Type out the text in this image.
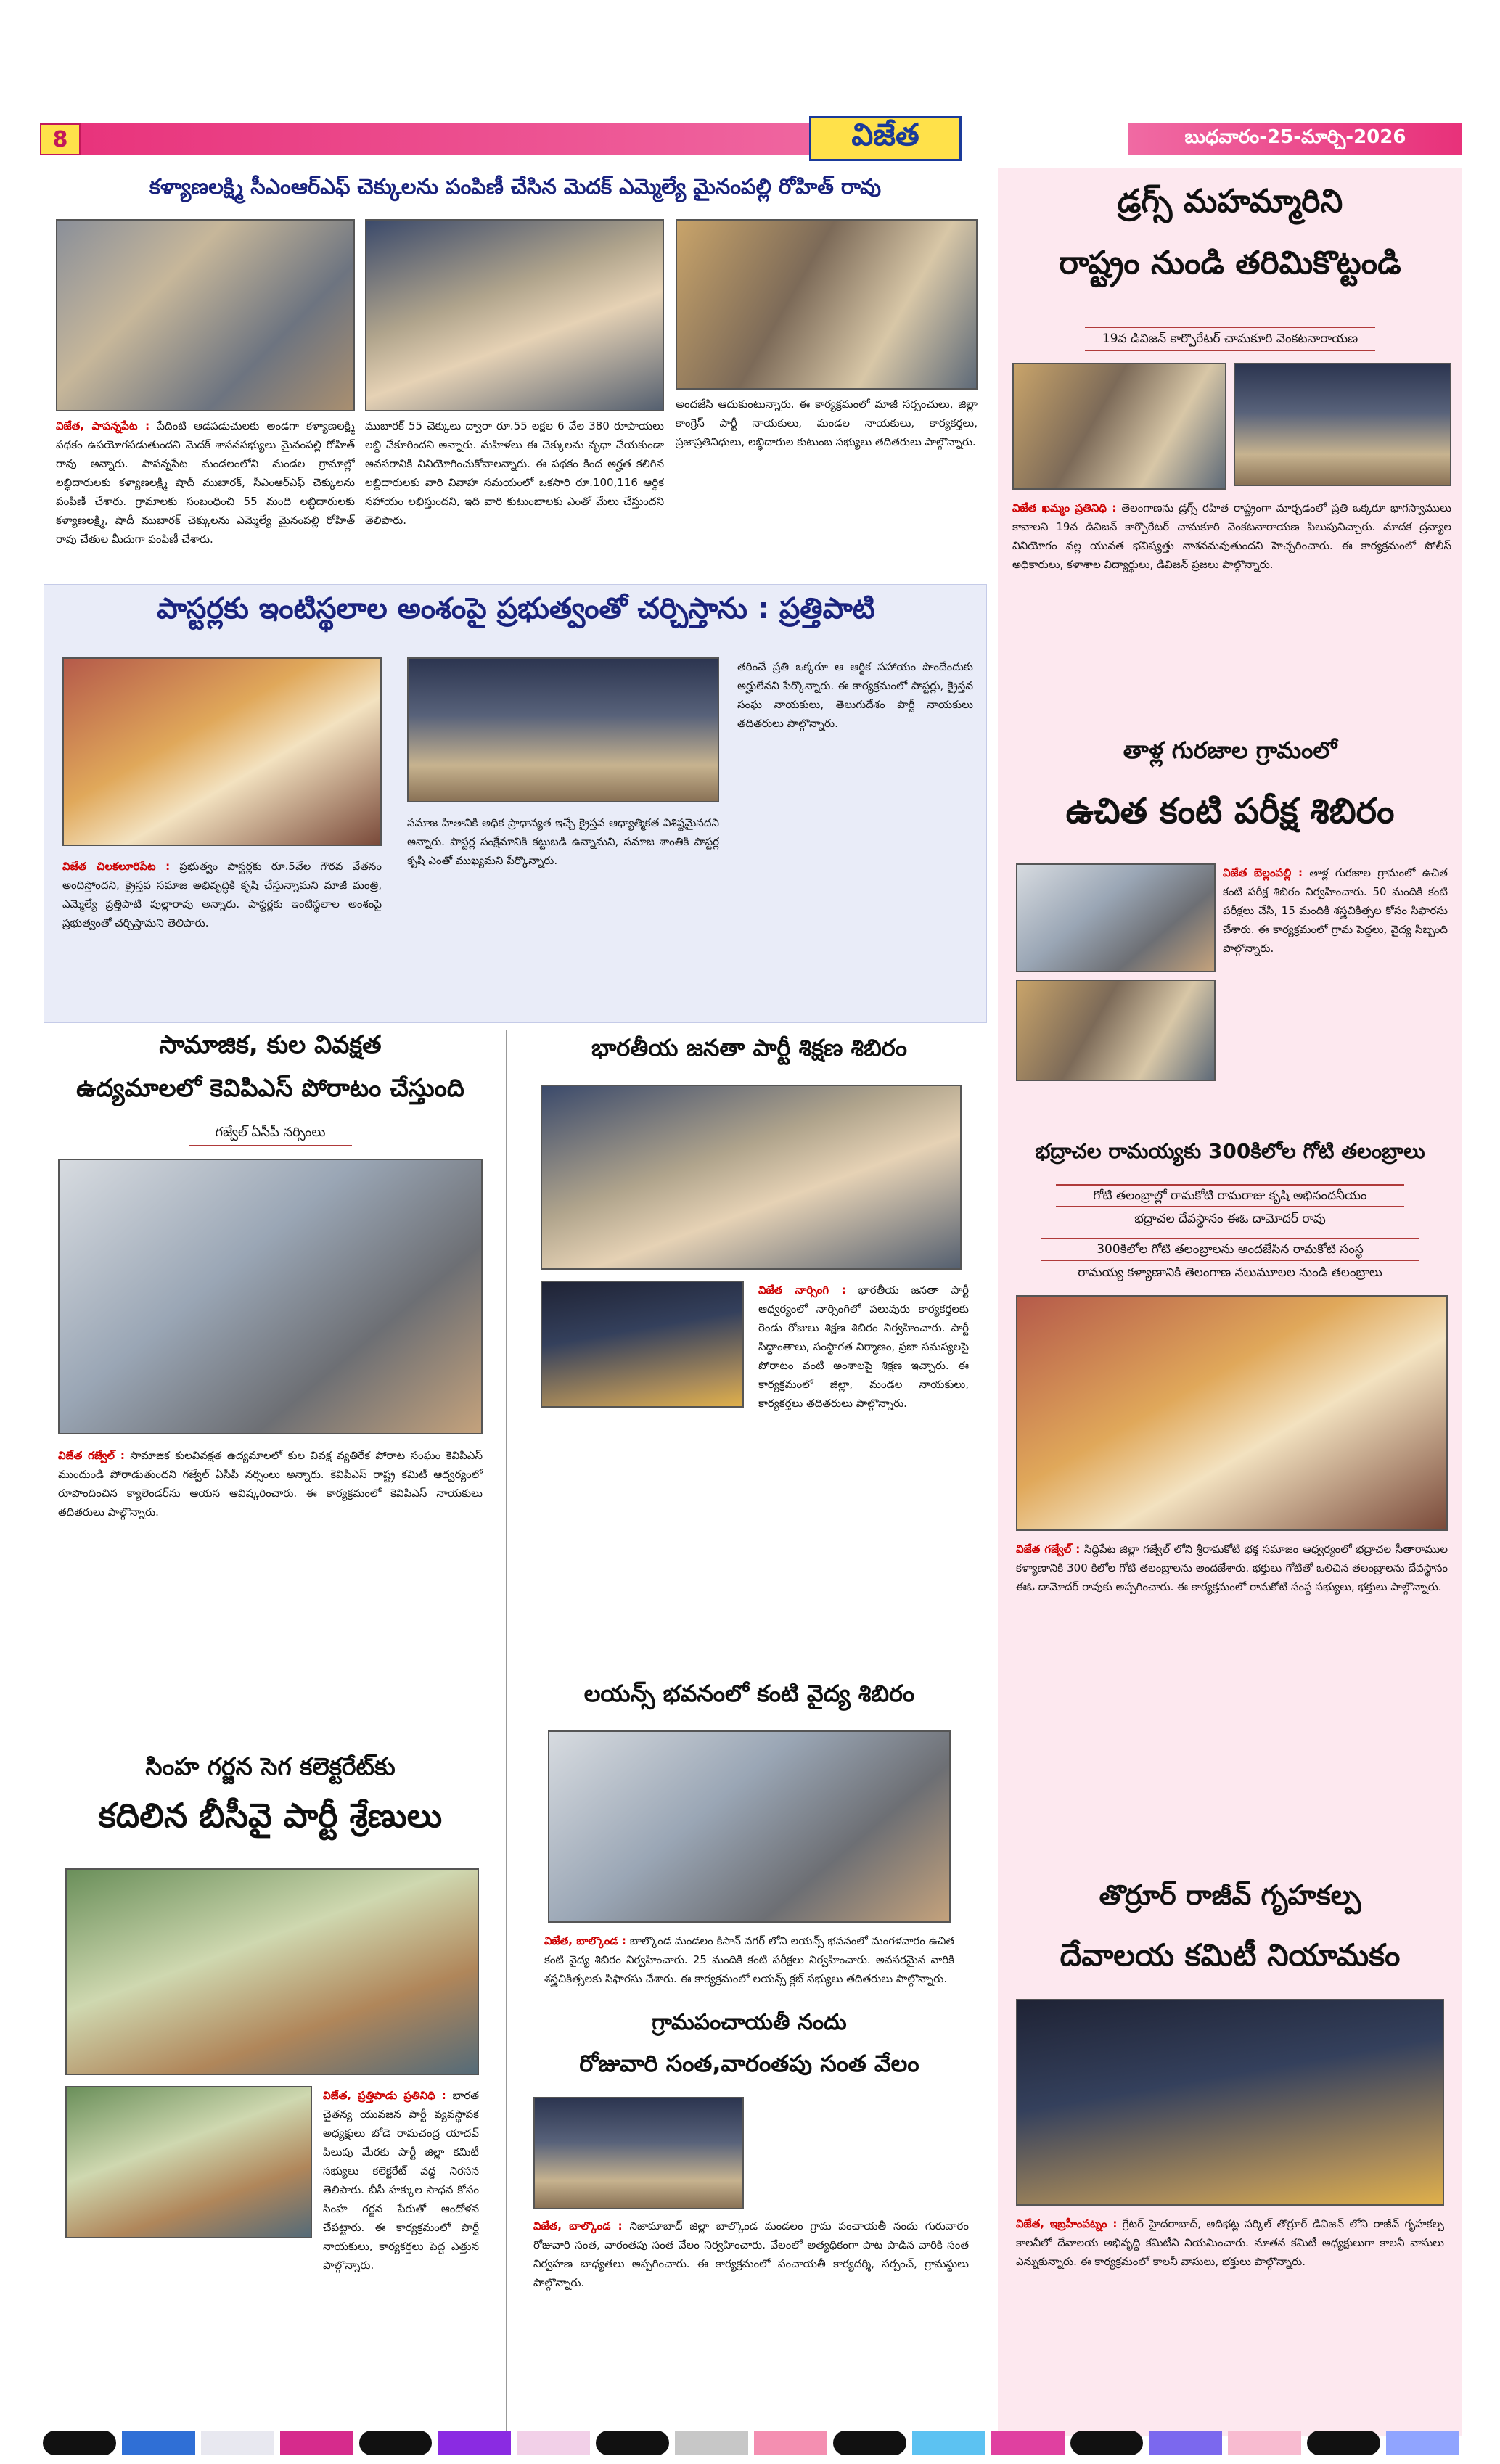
8	విజేత	బుధవారం-25-మార్చి-2026
కళ్యాణలక్ష్మి సీఎంఆర్ఎఫ్ చెక్కులను పంపిణీ చేసిన మెదక్ ఎమ్మెల్యే మైనంపల్లి రోహిత్ రావు
విజేత, పాపన్నపేట : పేదింటి ఆడపడుచులకు అండగా కళ్యాణలక్ష్మి పథకం ఉపయోగపడుతుందని మెదక్ శాసనసభ్యులు మైనంపల్లి రోహిత్ రావు అన్నారు. పాపన్నపేట మండలంలోని మండల గ్రామాల్లో లబ్ధిదారులకు కళ్యాణలక్ష్మి షాదీ ముబారక్, సీఎంఆర్ఎఫ్ చెక్కులను పంపిణీ చేశారు. గ్రామాలకు సంబంధించి 55 మంది లబ్ధిదారులకు కళ్యాణలక్ష్మి, షాదీ ముబారక్ చెక్కులను ఎమ్మెల్యే మైనంపల్లి రోహిత్ రావు చేతుల మీదుగా పంపిణీ చేశారు.
ముబారక్ 55 చెక్కులు ద్వారా రూ.55 లక్షల 6 వేల 380 రూపాయలు లబ్ధి చేకూరిందని అన్నారు. మహిళలు ఈ చెక్కులను వృధా చేయకుండా అవసరానికి వినియోగించుకోవాలన్నారు. ఈ పథకం కింద అర్హత కలిగిన లబ్ధిదారులకు వారి వివాహ సమయంలో ఒకసారి రూ.100,116 ఆర్థిక సహాయం లభిస్తుందని, ఇది వారి కుటుంబాలకు ఎంతో మేలు చేస్తుందని తెలిపారు.
అందజేసి ఆదుకుంటున్నారు. ఈ కార్యక్రమంలో మాజీ సర్పంచులు, జిల్లా కాంగ్రెస్ పార్టీ నాయకులు, మండల నాయకులు, కార్యకర్తలు, ప్రజాప్రతినిధులు, లబ్ధిదారుల కుటుంబ సభ్యులు తదితరులు పాల్గొన్నారు.
పాస్టర్లకు ఇంటిస్థలాల అంశంపై ప్రభుత్వంతో చర్చిస్తాను : ప్రత్తిపాటి
విజేత చిలకలూరిపేట : ప్రభుత్వం పాస్టర్లకు రూ.5వేల గౌరవ వేతనం అందిస్తోందని, క్రైస్తవ సమాజ అభివృద్ధికి కృషి చేస్తున్నామని మాజీ మంత్రి, ఎమ్మెల్యే ప్రత్తిపాటి పుల్లారావు అన్నారు. పాస్టర్లకు ఇంటిస్థలాల అంశంపై ప్రభుత్వంతో చర్చిస్తామని తెలిపారు.
సమాజ హితానికి అధిక ప్రాధాన్యత ఇచ్చే క్రైస్తవ ఆధ్యాత్మికత విశిష్టమైనదని అన్నారు. పాస్టర్ల సంక్షేమానికి కట్టుబడి ఉన్నామని, సమాజ శాంతికి పాస్టర్ల కృషి ఎంతో ముఖ్యమని పేర్కొన్నారు.
తరించే ప్రతి ఒక్కరూ ఆ ఆర్థిక సహాయం పొందేందుకు అర్హులేనని పేర్కొన్నారు. ఈ కార్యక్రమంలో పాస్టర్లు, క్రైస్తవ సంఘ నాయకులు, తెలుగుదేశం పార్టీ నాయకులు తదితరులు పాల్గొన్నారు.
సామాజిక, కుల వివక్షత
ఉద్యమాలలో కెవిపిఎస్ పోరాటం చేస్తుంది
గజ్వేల్ ఏసీపీ నర్సింలు
విజేత గజ్వేల్ : సామాజిక కులవివక్షత ఉద్యమాలలో కుల వివక్ష వ్యతిరేక పోరాట సంఘం కెవిపిఎస్ ముందుండి పోరాడుతుందని గజ్వేల్ ఏసీపీ నర్సింలు అన్నారు. కెవిపిఎస్ రాష్ట్ర కమిటీ ఆధ్వర్యంలో రూపొందించిన క్యాలెండర్‌ను ఆయన ఆవిష్కరించారు. ఈ కార్యక్రమంలో కెవిపిఎస్ నాయకులు తదితరులు పాల్గొన్నారు.
సింహ గర్జన సెగ కలెక్టరేట్‌కు
కదిలిన బీసీవై పార్టీ శ్రేణులు
విజేత, ప్రత్తిపాడు ప్రతినిధి : భారత చైతన్య యువజన పార్టీ వ్యవస్థాపక అధ్యక్షులు బోడె రామచంద్ర యాదవ్ పిలుపు మేరకు పార్టీ జిల్లా కమిటీ సభ్యులు కలెక్టరేట్ వద్ద నిరసన తెలిపారు. బీసీ హక్కుల సాధన కోసం సింహ గర్జన పేరుతో ఆందోళన చేపట్టారు. ఈ కార్యక్రమంలో పార్టీ నాయకులు, కార్యకర్తలు పెద్ద ఎత్తున పాల్గొన్నారు.
భారతీయ జనతా పార్టీ శిక్షణ శిబిరం
విజేత నార్సింగి : భారతీయ జనతా పార్టీ ఆధ్వర్యంలో నార్సింగిలో పలువురు కార్యకర్తలకు రెండు రోజులు శిక్షణ శిబిరం నిర్వహించారు. పార్టీ సిద్ధాంతాలు, సంస్థాగత నిర్మాణం, ప్రజా సమస్యలపై పోరాటం వంటి అంశాలపై శిక్షణ ఇచ్చారు. ఈ కార్యక్రమంలో జిల్లా, మండల నాయకులు, కార్యకర్తలు తదితరులు పాల్గొన్నారు.
లయన్స్ భవనంలో కంటి వైద్య శిబిరం
విజేత, బాల్కొండ : బాల్కొండ మండలం కిసాన్ నగర్ లోని లయన్స్ భవనంలో మంగళవారం ఉచిత కంటి వైద్య శిబిరం నిర్వహించారు. 25 మందికి కంటి పరీక్షలు నిర్వహించారు. అవసరమైన వారికి శస్త్రచికిత్సలకు సిఫారసు చేశారు. ఈ కార్యక్రమంలో లయన్స్ క్లబ్ సభ్యులు తదితరులు పాల్గొన్నారు.
గ్రామపంచాయతీ నందు
రోజువారి సంత,వారంతపు సంత వేలం
విజేత, బాల్కొండ : నిజామాబాద్ జిల్లా బాల్కొండ మండలం గ్రామ పంచాయతీ నందు గురువారం రోజువారి సంత, వారంతపు సంత వేలం నిర్వహించారు. వేలంలో అత్యధికంగా పాట పాడిన వారికి సంత నిర్వహణ బాధ్యతలు అప్పగించారు. ఈ కార్యక్రమంలో పంచాయతీ కార్యదర్శి, సర్పంచ్, గ్రామస్థులు పాల్గొన్నారు.
డ్రగ్స్ మహమ్మారిని
రాష్ట్రం నుండి తరిమికొట్టండి
19వ డివిజన్ కార్పొరేటర్ చామకూరి వెంకటనారాయణ
విజేత ఖమ్మం ప్రతినిధి : తెలంగాణను డ్రగ్స్ రహిత రాష్ట్రంగా మార్చడంలో ప్రతి ఒక్కరూ భాగస్వాములు కావాలని 19వ డివిజన్ కార్పొరేటర్ చామకూరి వెంకటనారాయణ పిలుపునిచ్చారు. మాదక ద్రవ్యాల వినియోగం వల్ల యువత భవిష్యత్తు నాశనమవుతుందని హెచ్చరించారు. ఈ కార్యక్రమంలో పోలీస్ అధికారులు, కళాశాల విద్యార్థులు, డివిజన్ ప్రజలు పాల్గొన్నారు.
తాళ్ల గురజాల గ్రామంలో
ఉచిత కంటి పరీక్ష శిబిరం
విజేత బెల్లంపల్లి : తాళ్ల గురజాల గ్రామంలో ఉచిత కంటి పరీక్ష శిబిరం నిర్వహించారు. 50 మందికి కంటి పరీక్షలు చేసి, 15 మందికి శస్త్రచికిత్సల కోసం సిఫారసు చేశారు. ఈ కార్యక్రమంలో గ్రామ పెద్దలు, వైద్య సిబ్బంది పాల్గొన్నారు.
భద్రాచల రామయ్యకు 300కిలోల గోటి తలంబ్రాలు
గోటి తలంబ్రాల్లో రామకోటి రామరాజు కృషి అభినందనీయం
భద్రాచల దేవస్థానం ఈఓ దామోదర్ రావు
300కిలోల గోటి తలంబ్రాలను అందజేసిన రామకోటి సంస్థ
రామయ్య కళ్యాణానికి తెలంగాణ నలుమూలల నుండి తలంబ్రాలు
విజేత గజ్వేల్ : సిద్దిపేట జిల్లా గజ్వేల్ లోని శ్రీరామకోటి భక్త సమాజం ఆధ్వర్యంలో భద్రాచల సీతారాముల కళ్యాణానికి 300 కిలోల గోటి తలంబ్రాలను అందజేశారు. భక్తులు గోటితో ఒలిచిన తలంబ్రాలను దేవస్థానం ఈఓ దామోదర్ రావుకు అప్పగించారు. ఈ కార్యక్రమంలో రామకోటి సంస్థ సభ్యులు, భక్తులు పాల్గొన్నారు.
తొర్రూర్ రాజీవ్ గృహకల్ప
దేవాలయ కమిటీ నియామకం
విజేత, ఇబ్రహీంపట్నం : గ్రేటర్ హైదరాబాద్, అదిభట్ల సర్కిల్ తొర్రూర్ డివిజన్ లోని రాజీవ్ గృహకల్ప కాలనీలో దేవాలయ అభివృద్ధి కమిటీని నియమించారు. నూతన కమిటీ అధ్యక్షులుగా కాలనీ వాసులు ఎన్నుకున్నారు. ఈ కార్యక్రమంలో కాలనీ వాసులు, భక్తులు పాల్గొన్నారు.
